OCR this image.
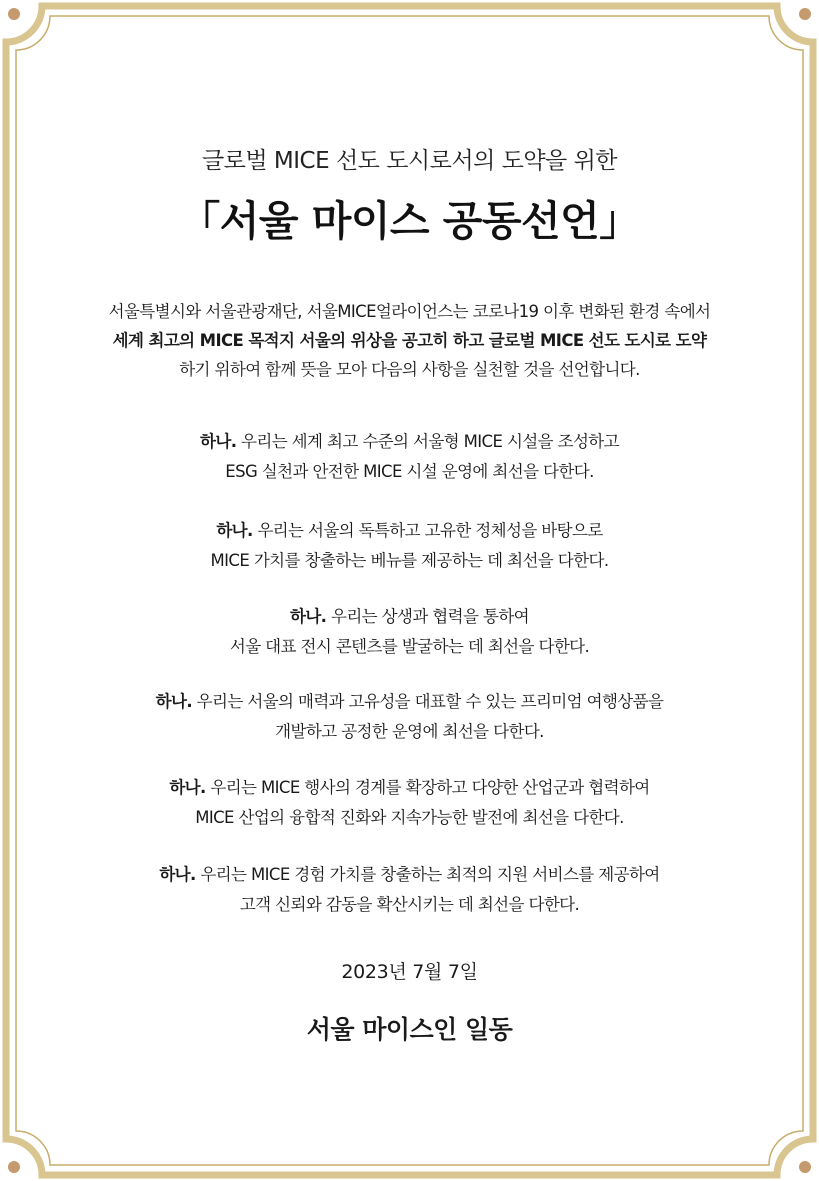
글로벌 MICE 선도 도시로서의 도약을 위한
「서울 마이스 공동선언」
서울특별시와 서울관광재단, 서울MICE얼라이언스는 코로나19 이후 변화된 환경 속에서
세계 최고의 MICE 목적지 서울의 위상을 공고히 하고 글로벌 MICE 선도 도시로 도약
하기 위하여 함께 뜻을 모아 다음의 사항을 실천할 것을 선언합니다.
하나. 우리는 세계 최고 수준의 서울형 MICE 시설을 조성하고
ESG 실천과 안전한 MICE 시설 운영에 최선을 다한다.
하나. 우리는 서울의 독특하고 고유한 정체성을 바탕으로
MICE 가치를 창출하는 베뉴를 제공하는 데 최선을 다한다.
하나. 우리는 상생과 협력을 통하여
서울 대표 전시 콘텐츠를 발굴하는 데 최선을 다한다.
하나. 우리는 서울의 매력과 고유성을 대표할 수 있는 프리미엄 여행상품을
개발하고 공정한 운영에 최선을 다한다.
하나. 우리는 MICE 행사의 경계를 확장하고 다양한 산업군과 협력하여
MICE 산업의 융합적 진화와 지속가능한 발전에 최선을 다한다.
하나. 우리는 MICE 경험 가치를 창출하는 최적의 지원 서비스를 제공하여
고객 신뢰와 감동을 확산시키는 데 최선을 다한다.
2023년 7월 7일
서울 마이스인 일동
